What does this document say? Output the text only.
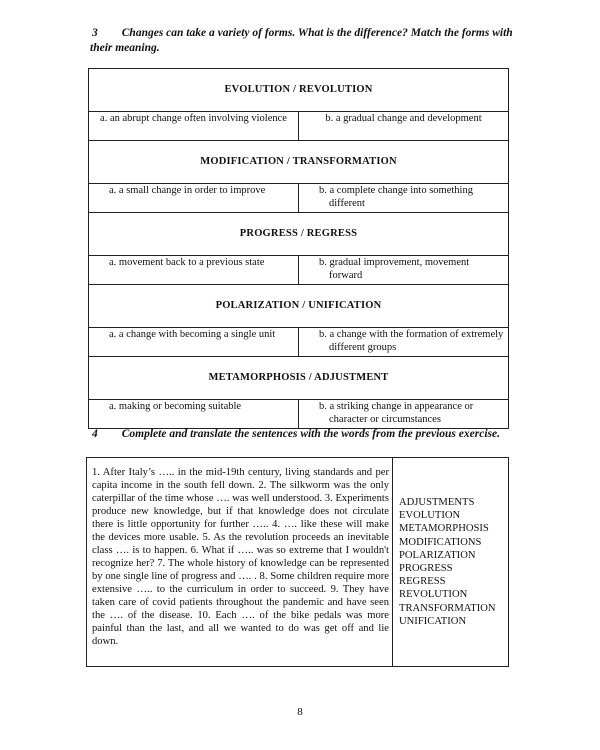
3 Changes can take a variety of forms. What is the difference? Match the forms with
their meaning.
EVOLUTION / REVOLUTION	
a. an abrupt change often involving violence	b. a gradual change and development
MODIFICATION / TRANSFORMATION	
a. a small change in order to improve	b. a complete change into something different
PROGRESS / REGRESS	
a. movement back to a previous state	b. gradual improvement, movement forward
POLARIZATION / UNIFICATION	
a. a change with becoming a single unit	b. a change with the formation of extremely different groups
METAMORPHOSIS / ADJUSTMENT	
a. making or becoming suitable	b. a striking change in appearance or character or circumstances
4 Complete and translate the sentences with the words from the previous exercise.
1. After Italy’s ….. in the mid-19th century, living standards and per capita income in the south fell down. 2. The silkworm was the only caterpillar of the time whose …. was well understood. 3. Experiments produce new knowledge, but if that knowledge does not circulate there is little opportunity for further ….. 4. …. like these will make the devices more usable. 5. As the revolution proceeds an inevitable class …. is to happen. 6. What if ….. was so extreme that I wouldn't recognize her? 7. The whole history of knowledge can be represented by one single line of progress and …. . 8. Some children require more extensive ….. to the curriculum in order to succeed. 9. They have taken care of covid patients throughout the pandemic and have seen the …. of the disease. 10. Each …. of the bike pedals was more painful than the last, and all we wanted to do was get off and lie down.	
ADJUSTMENTS
EVOLUTION
METAMORPHOSIS
MODIFICATIONS
POLARIZATION
PROGRESS
REGRESS
REVOLUTION
TRANSFORMATION
UNIFICATION
8
